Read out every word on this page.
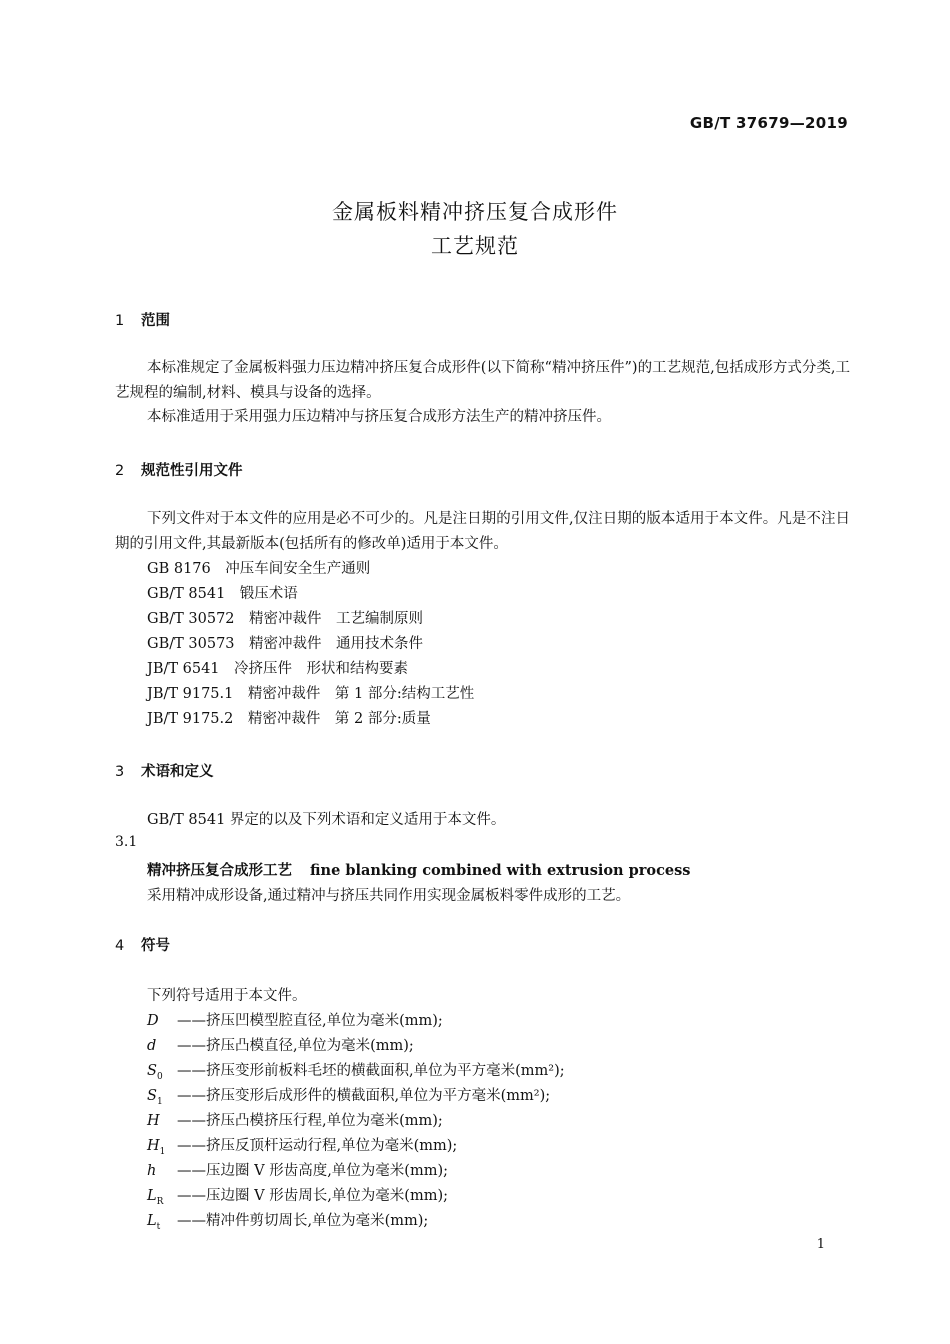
GB/T 37679—2019
金属板料精冲挤压复合成形件
工艺规范
1 范围
本标准规定了金属板料强力压边精冲挤压复合成形件(以下简称“精冲挤压件”)的工艺规范,包括成形方式分类,工艺规程的编制,材料、模具与设备的选择。
本标准适用于采用强力压边精冲与挤压复合成形方法生产的精冲挤压件。
2 规范性引用文件
下列文件对于本文件的应用是必不可少的。凡是注日期的引用文件,仅注日期的版本适用于本文件。凡是不注日期的引用文件,其最新版本(包括所有的修改单)适用于本文件。
GB 8176　冲压车间安全生产通则
GB/T 8541　锻压术语
GB/T 30572　精密冲裁件　工艺编制原则
GB/T 30573　精密冲裁件　通用技术条件
JB/T 6541　冷挤压件　形状和结构要素
JB/T 9175.1　精密冲裁件　第 1 部分:结构工艺性
JB/T 9175.2　精密冲裁件　第 2 部分:质量
3 术语和定义
GB/T 8541 界定的以及下列术语和定义适用于本文件。
3.1
精冲挤压复合成形工艺 fine blanking combined with extrusion process
采用精冲成形设备,通过精冲与挤压共同作用实现金属板料零件成形的工艺。
4 符号
下列符号适用于本文件。
D ——挤压凹模型腔直径,单位为毫米(mm);
d ——挤压凸模直径,单位为毫米(mm);
$S_0$ ——挤压变形前板料毛坯的横截面积,单位为平方毫米(mm²);
$S_1$ ——挤压变形后成形件的横截面积,单位为平方毫米(mm²);
H ——挤压凸模挤压行程,单位为毫米(mm);
$H_1$ ——挤压反顶杆运动行程,单位为毫米(mm);
h ——压边圈 V 形齿高度,单位为毫米(mm);
$L_R$ ——压边圈 V 形齿周长,单位为毫米(mm);
$L_t$ ——精冲件剪切周长,单位为毫米(mm);
1
